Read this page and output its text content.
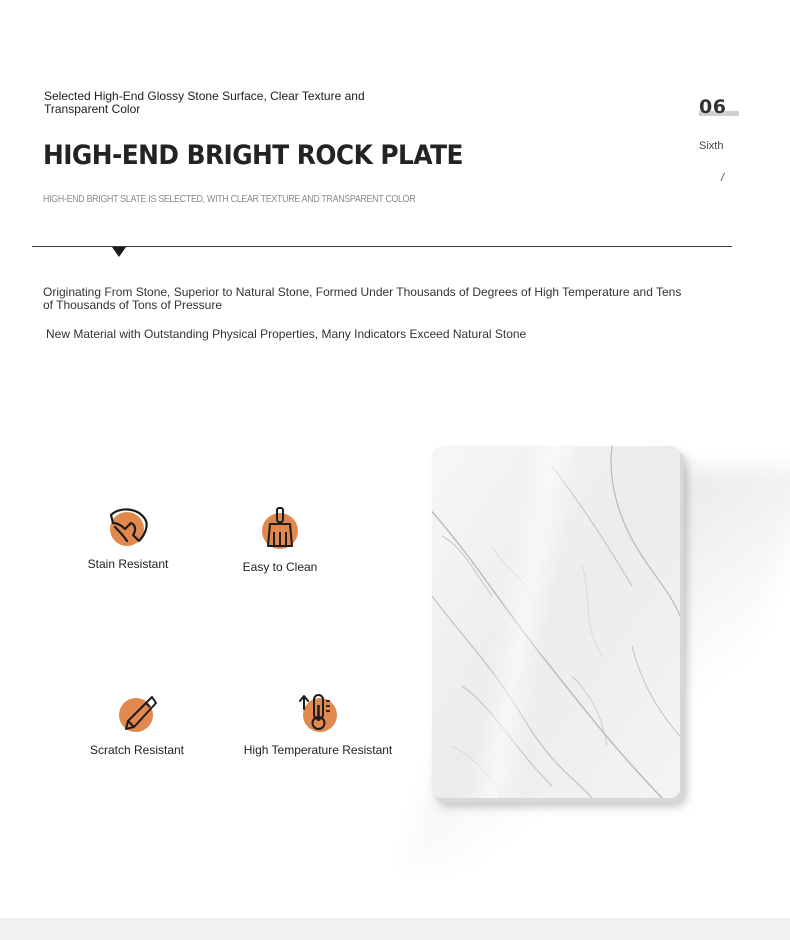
Selected High-End Glossy Stone Surface, Clear Texture and Transparent Color
HIGH-END BRIGHT ROCK PLATE
HIGH-END BRIGHT SLATE IS SELECTED, WITH CLEAR TEXTURE AND TRANSPARENT COLOR
06
Sixth
/
Originating From Stone, Superior to Natural Stone, Formed Under Thousands of Degrees of High Temperature and Tens of Thousands of Tons of Pressure
New Material with Outstanding Physical Properties, Many Indicators Exceed Natural Stone
Stain Resistant	Easy to Clean
Scratch Resistant	High Temperature Resistant
